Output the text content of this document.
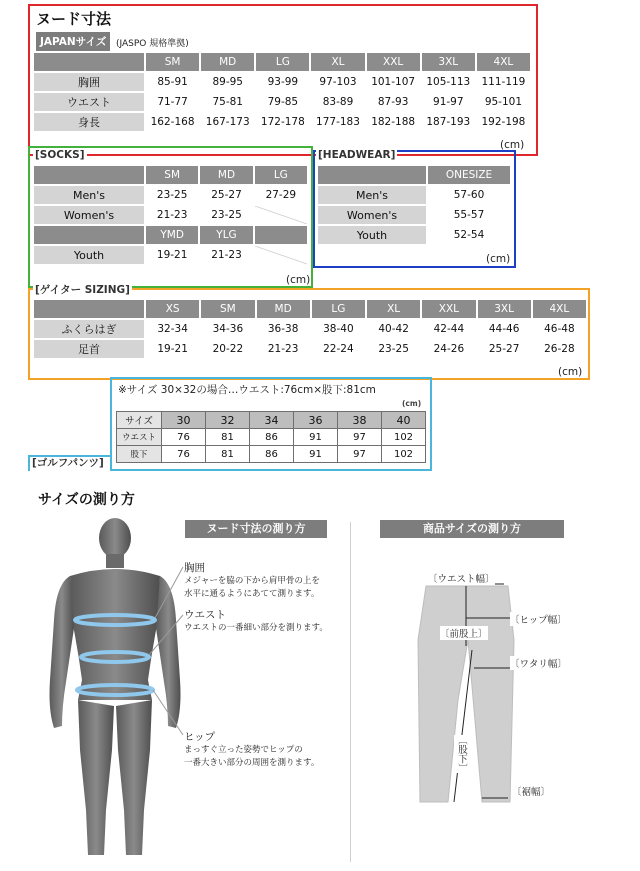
ヌード寸法
JAPANサイズ	(JASPO 規格準拠)
	SM	MD	LG	XL	XXL	3XL	4XL
胸囲	85-91	89-95	93-99	97-103	101-107	105-113	111-119
ウエスト	71-77	75-81	79-85	83-89	87-93	91-97	95-101
身長	162-168	167-173	172-178	177-183	182-188	187-193	192-198
(cm)
[SOCKS]
	SM	MD	LG
Men's	23-25	25-27	27-29
Women's	21-23	23-25	
	YMD	YLG	
Youth	19-21	21-23	
(cm)
[HEADWEAR]
	ONESIZE
Men's	57-60
Women's	55-57
Youth	52-54
(cm)
[ゲイター SIZING]
	XS	SM	MD	LG	XL	XXL	3XL	4XL
ふくらはぎ	32-34	34-36	36-38	38-40	40-42	42-44	44-46	46-48
足首	19-21	20-22	21-23	22-24	23-25	24-26	25-27	26-28
(cm)
[ゴルフパンツ]
※サイズ 30×32の場合…ウエスト:76cm×股下:81cm
(cm)
サイズ	30	32	34	36	38	40
ウエスト	76	81	86	91	97	102
股下	76	81	86	91	97	102
サイズの測り方
ヌード寸法の測り方	商品サイズの測り方
胸囲
メジャーを脇の下から肩甲骨の上を
水平に通るようにあてて測ります。
ウエスト
ウエストの一番細い部分を測ります。
ヒップ
まっすぐ立った姿勢でヒップの
一番大きい部分の周囲を測ります。
〔ウエスト幅〕
〔ヒップ幅〕
〔前股上〕
〔ワタリ幅〕
〔股下〕
〔裾幅〕
